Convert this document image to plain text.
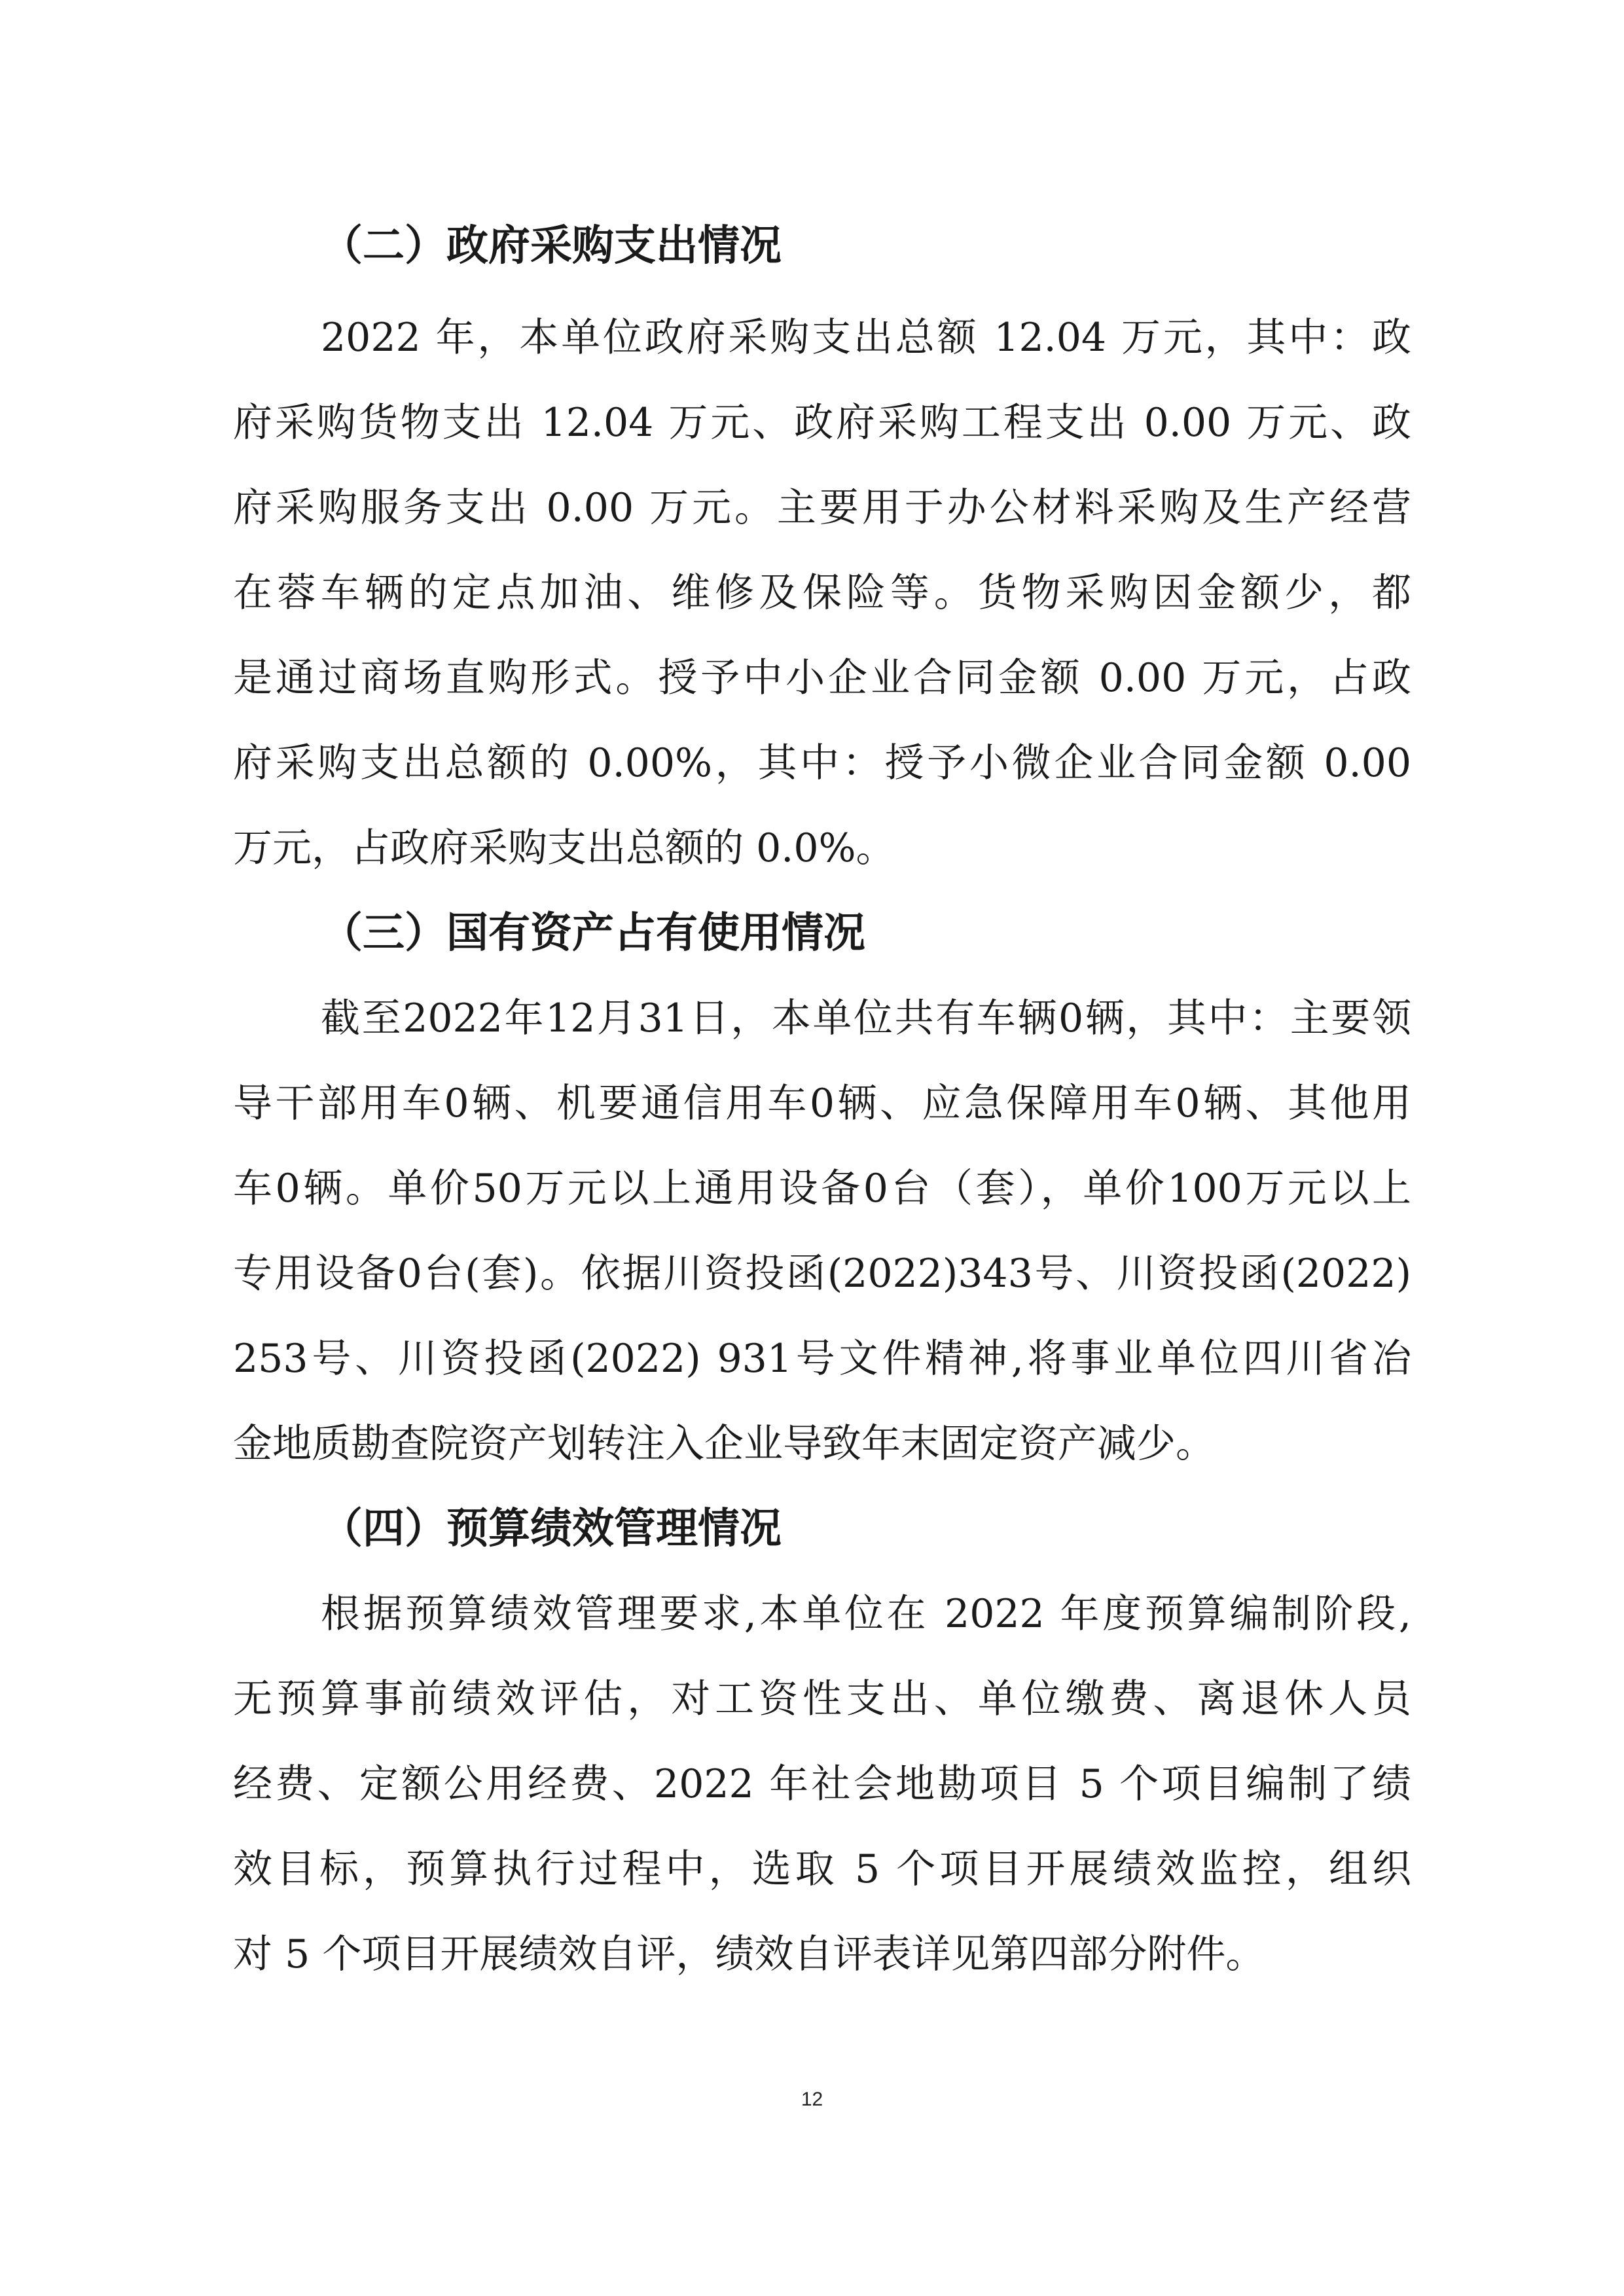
（二）政府采购支出情况
2022 年，本单位政府采购支出总额 12.04 万元，其中：政
府采购货物支出 12.04 万元、政府采购工程支出 0.00 万元、政
府采购服务支出 0.00 万元。主要用于办公材料采购及生产经营
在蓉车辆的定点加油、维修及保险等。货物采购因金额少，都
是通过商场直购形式。授予中小企业合同金额 0.00 万元，占政
府采购支出总额的 0.00%，其中：授予小微企业合同金额 0.00
万元，占政府采购支出总额的 0.0%。
（三）国有资产占有使用情况
截至2022年12月31日，本单位共有车辆0辆，其中：主要领
导干部用车0辆、机要通信用车0辆、应急保障用车0辆、其他用
车0辆。单价50万元以上通用设备0台（套），单价100万元以上
专用设备0台(套)。依据川资投函(2022)343号、川资投函(2022)
253号、川资投函(2022) 931号文件精神,将事业单位四川省冶
金地质勘查院资产划转注入企业导致年末固定资产减少。
（四）预算绩效管理情况
根据预算绩效管理要求,本单位在 2022 年度预算编制阶段,
无预算事前绩效评估，对工资性支出、单位缴费、离退休人员
经费、定额公用经费、2022 年社会地勘项目 5 个项目编制了绩
效目标，预算执行过程中，选取 5 个项目开展绩效监控，组织
对 5 个项目开展绩效自评，绩效自评表详见第四部分附件。
12
